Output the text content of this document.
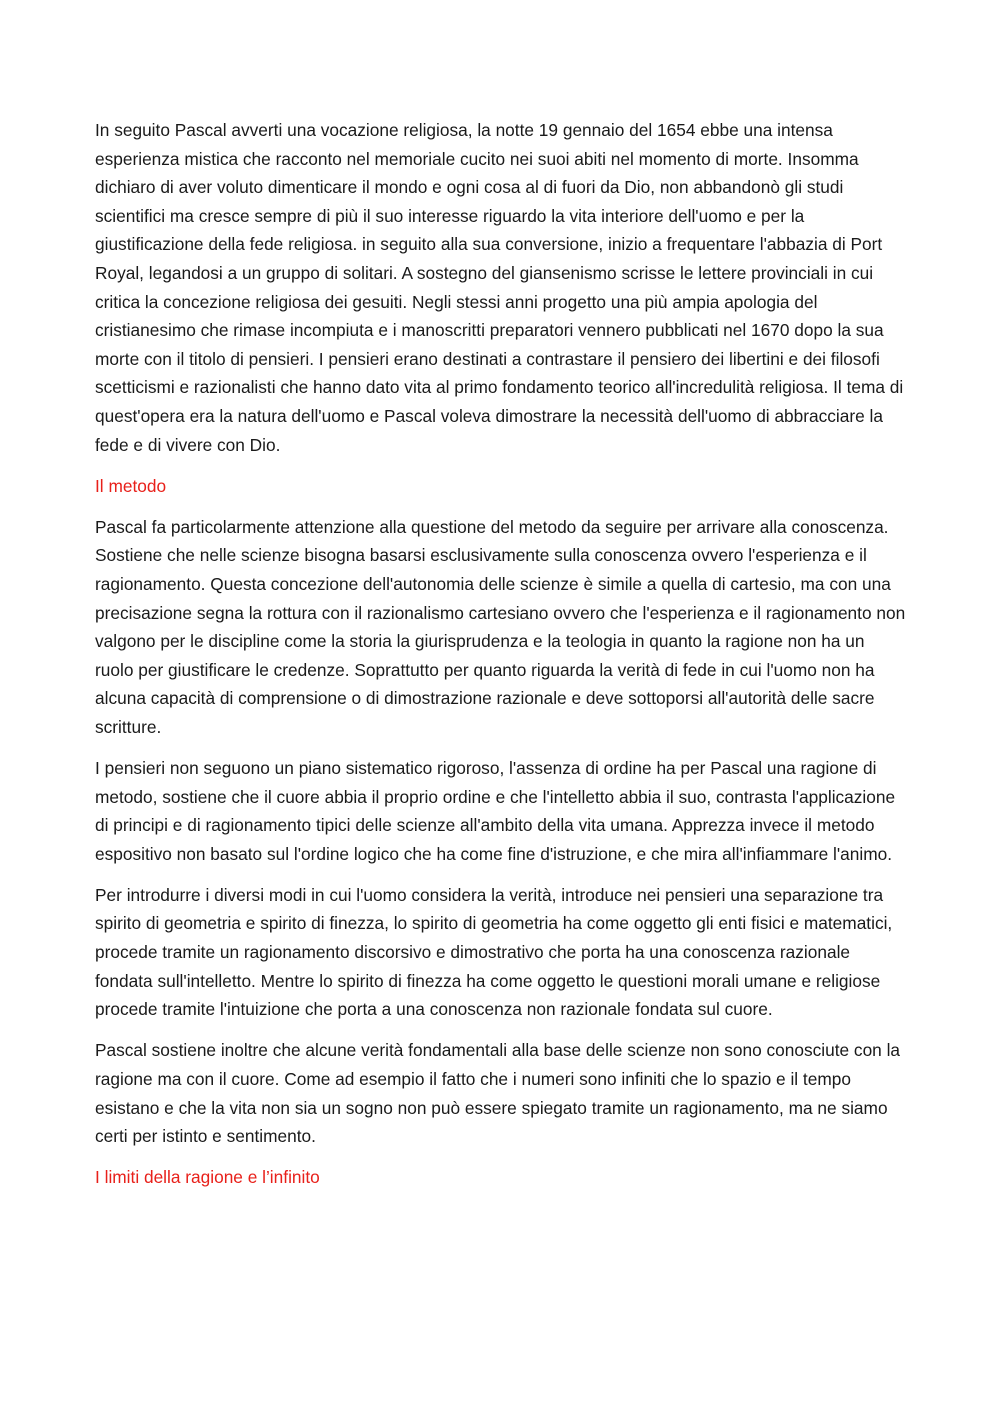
In seguito Pascal avverti una vocazione religiosa, la notte 19 gennaio del 1654 ebbe una intensa esperienza mistica che racconto nel memoriale cucito nei suoi abiti nel momento di morte. Insomma dichiaro di aver voluto dimenticare il mondo e ogni cosa al di fuori da Dio, non abbandonò gli studi scientifici ma cresce sempre di più il suo interesse riguardo la vita interiore dell'uomo e per la giustificazione della fede religiosa. in seguito alla sua conversione, inizio a frequentare l'abbazia di Port Royal, legandosi a un gruppo di solitari. A sostegno del giansenismo scrisse le lettere provinciali in cui critica la concezione religiosa dei gesuiti. Negli stessi anni progetto una più ampia apologia del cristianesimo che rimase incompiuta e i manoscritti preparatori vennero pubblicati nel 1670 dopo la sua morte con il titolo di pensieri. I pensieri erano destinati a contrastare il pensiero dei libertini e dei filosofi scetticismi e razionalisti che hanno dato vita al primo fondamento teorico all'incredulità religiosa. Il tema di quest'opera era la natura dell'uomo e Pascal voleva dimostrare la necessità dell'uomo di abbracciare la fede e di vivere con Dio.

Il metodo

Pascal fa particolarmente attenzione alla questione del metodo da seguire per arrivare alla conoscenza. Sostiene che nelle scienze bisogna basarsi esclusivamente sulla conoscenza ovvero l'esperienza e il ragionamento. Questa concezione dell'autonomia delle scienze è simile a quella di cartesio, ma con una precisazione segna la rottura con il razionalismo cartesiano ovvero che l'esperienza e il ragionamento non valgono per le discipline come la storia la giurisprudenza e la teologia in quanto la ragione non ha un ruolo per giustificare le credenze. Soprattutto per quanto riguarda la verità di fede in cui l'uomo non ha alcuna capacità di comprensione o di dimostrazione razionale e deve sottoporsi all'autorità delle sacre scritture.

I pensieri non seguono un piano sistematico rigoroso, l'assenza di ordine ha per Pascal una ragione di metodo, sostiene che il cuore abbia il proprio ordine e che l'intelletto abbia il suo, contrasta l'applicazione di principi e di ragionamento tipici delle scienze all'ambito della vita umana. Apprezza invece il metodo espositivo non basato sul l'ordine logico che ha come fine d'istruzione, e che mira all'infiammare l'animo.

Per introdurre i diversi modi in cui l'uomo considera la verità, introduce nei pensieri una separazione tra spirito di geometria e spirito di finezza, lo spirito di geometria ha come oggetto gli enti fisici e matematici, procede tramite un ragionamento discorsivo e dimostrativo che porta ha una conoscenza razionale fondata sull'intelletto. Mentre lo spirito di finezza ha come oggetto le questioni morali umane e religiose procede tramite l'intuizione che porta a una conoscenza non razionale fondata sul cuore.

Pascal sostiene inoltre che alcune verità fondamentali alla base delle scienze non sono conosciute con la ragione ma con il cuore. Come ad esempio il fatto che i numeri sono infiniti che lo spazio e il tempo esistano e che la vita non sia un sogno non può essere spiegato tramite un ragionamento, ma ne siamo certi per istinto e sentimento.

I limiti della ragione e l’infinito
